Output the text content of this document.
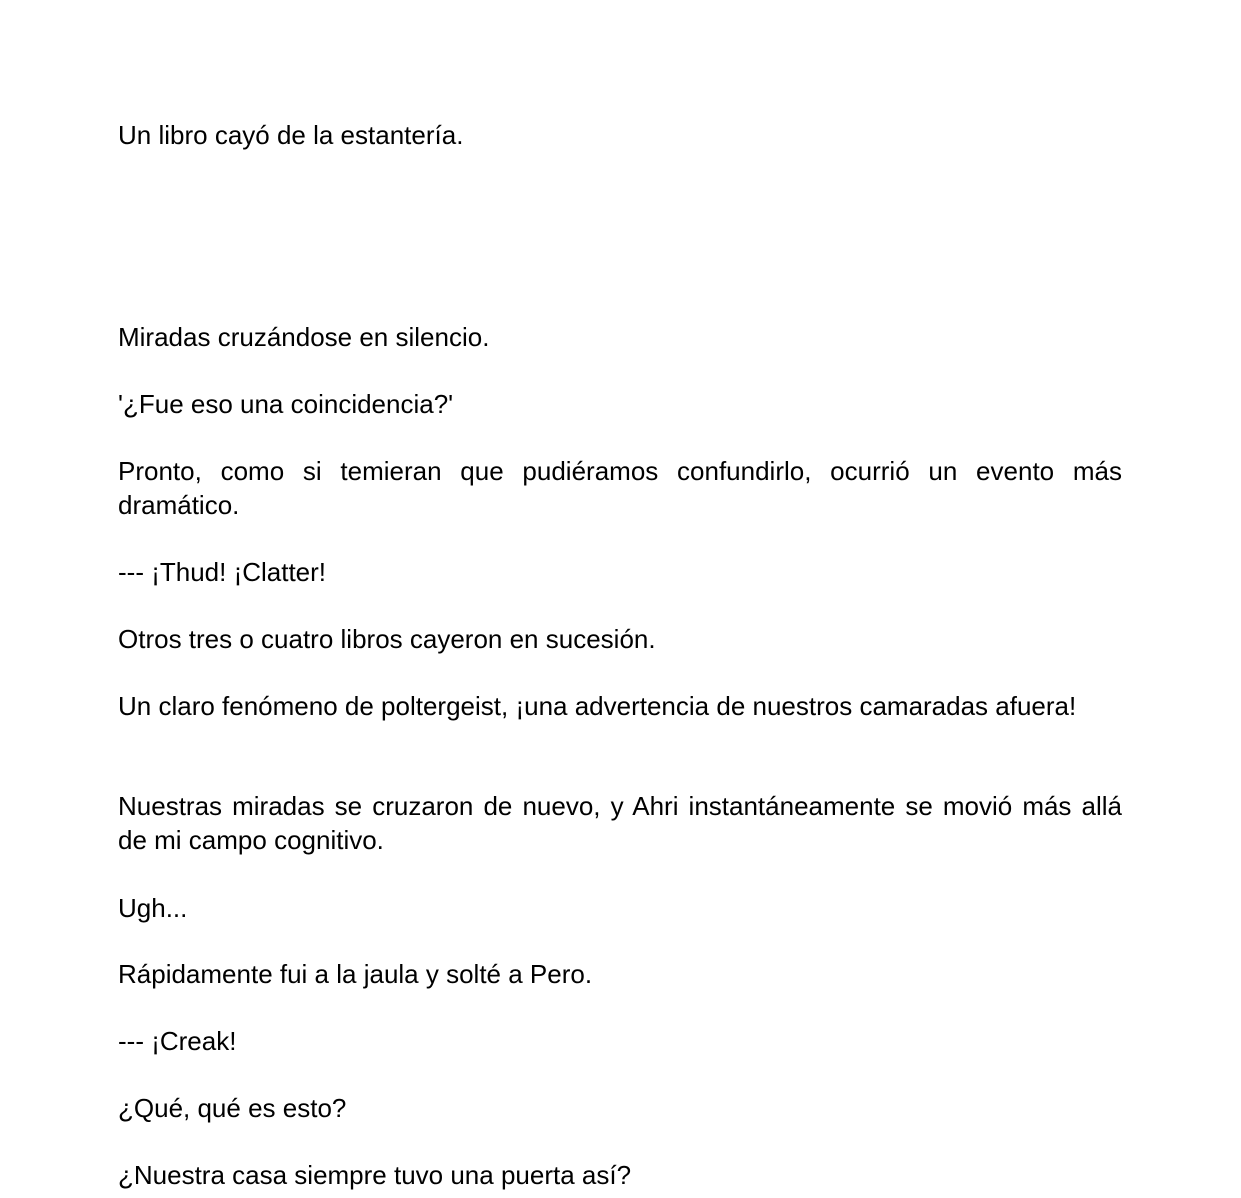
Un libro cayó de la estantería.

Miradas cruzándose en silencio.

'¿Fue eso una coincidencia?'

Pronto, como si temieran que pudiéramos confundirlo, ocurrió un evento más dramático.

--- ¡Thud! ¡Clatter!

Otros tres o cuatro libros cayeron en sucesión.

Un claro fenómeno de poltergeist, ¡una advertencia de nuestros camaradas afuera!

Nuestras miradas se cruzaron de nuevo, y Ahri instantáneamente se movió más allá de mi campo cognitivo.

Ugh...

Rápidamente fui a la jaula y solté a Pero.

--- ¡Creak!

¿Qué, qué es esto?

¿Nuestra casa siempre tuvo una puerta así?
